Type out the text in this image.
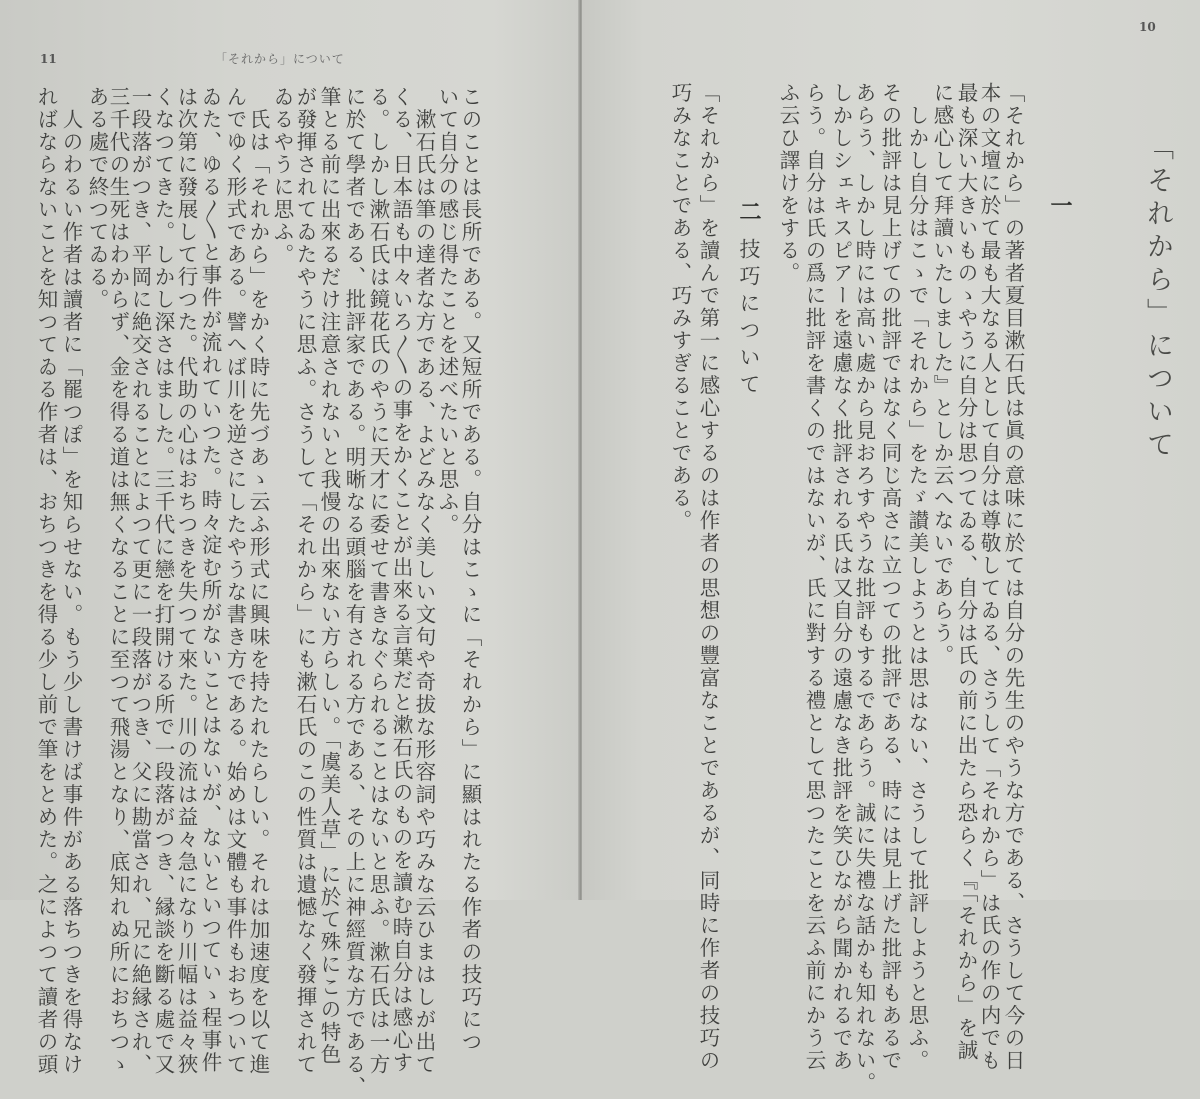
11	「それから」について
このことは長所である。又短所である。自分はこゝに「それから」に顯はれたる作者の技巧につ
いて自分の感じ得たことを述べたいと思ふ。
　漱石氏は筆の達者な方である、よどみなく美しい文句や奇拔な形容詞や巧みな云ひまはしが出て
くる、日本語も中々いろ〳〵の事をかくことが出來る言葉だと漱石氏のものを讀む時自分は感心す
る。しかし漱石氏は鏡花氏のやうに天才に委せて書きなぐられることはないと思ふ。漱石氏は一方
に於て學者である、批評家である。明晰なる頭腦を有される方である、その上に神經質な方である、
筆とる前に出來るだけ注意されないと我慢の出來ない方らしい。「虞美人草」に於て殊にこの特色
が發揮されてゐたやうに思ふ。さうして「それから」にも漱石氏のこの性質は遺憾なく發揮されて
ゐるやうに思ふ。
　氏は「それから」をかく時に先づあゝ云ふ形式に興味を持たれたらしい。それは加速度を以て進
んでゆく形式である。譬へば川を逆さにしたやうな書き方である。始めは文體も事件もおちついて
ゐた、ゆる〳〵と事件が流れていつた。時々淀む所がないことはないが、ないといつていゝ程事件
は次第に發展して行つた。代助の心はおちつきを失つて來た。川の流は益々急になり川幅は益々狹
くなつてきた。しかし深さはました。三千代に戀を打開ける所で一段落がつき、縁談を斷る處で又
一段落がつき、平岡に絶交されることによつて更に一段落がつき、父に勘當され、兄に絶縁され、
三千代の生死はわからず、金を得る道は無くなることに至つて飛湯となり、底知れぬ所におちつゝ
ある處で終つてゐる。
　人のわるい作者は讀者に「罷つぽ」を知らせない。もう少し書けば事件がある落ちつきを得なけ
ればならないことを知つてゐる作者は、おちつきを得る少し前で筆をとめた。之によつて讀者の頭
10
「それから」について
一
「それから」の著者夏目漱石氏は眞の意味に於ては自分の先生のやうな方である、さうして今の日
本の文壇に於て最も大なる人として自分は尊敬してゐる、さうして「それから」は氏の作の内でも
最も深い大きいものゝやうに自分は思つてゐる、自分は氏の前に出たら恐らく『「それから」を誠
に感心して拜讀いたしました』としか云へないであらう。
　しかし自分はこゝで「それから」をたゞ讃美しようとは思はない、さうして批評しようと思ふ。
その批評は見上げての批評ではなく同じ高さに立つての批評である、時には見上げた批評もあるで
あらう、しかし時には高い處から見おろすやうな批評もするであらう。誠に失禮な話かも知れない。
しかしシェキスピアーを遠慮なく批評される氏は又自分の遠慮なき批評を笑ひながら聞かれるであ
らう。自分は氏の爲に批評を書くのではないが、氏に對する禮として思つたことを云ふ前にかう云
ふ云ひ譯けをする。
二
技巧について
「それから」を讀んで第一に感心するのは作者の思想の豐富なことであるが、同時に作者の技巧の
巧みなことである、巧みすぎることである。
